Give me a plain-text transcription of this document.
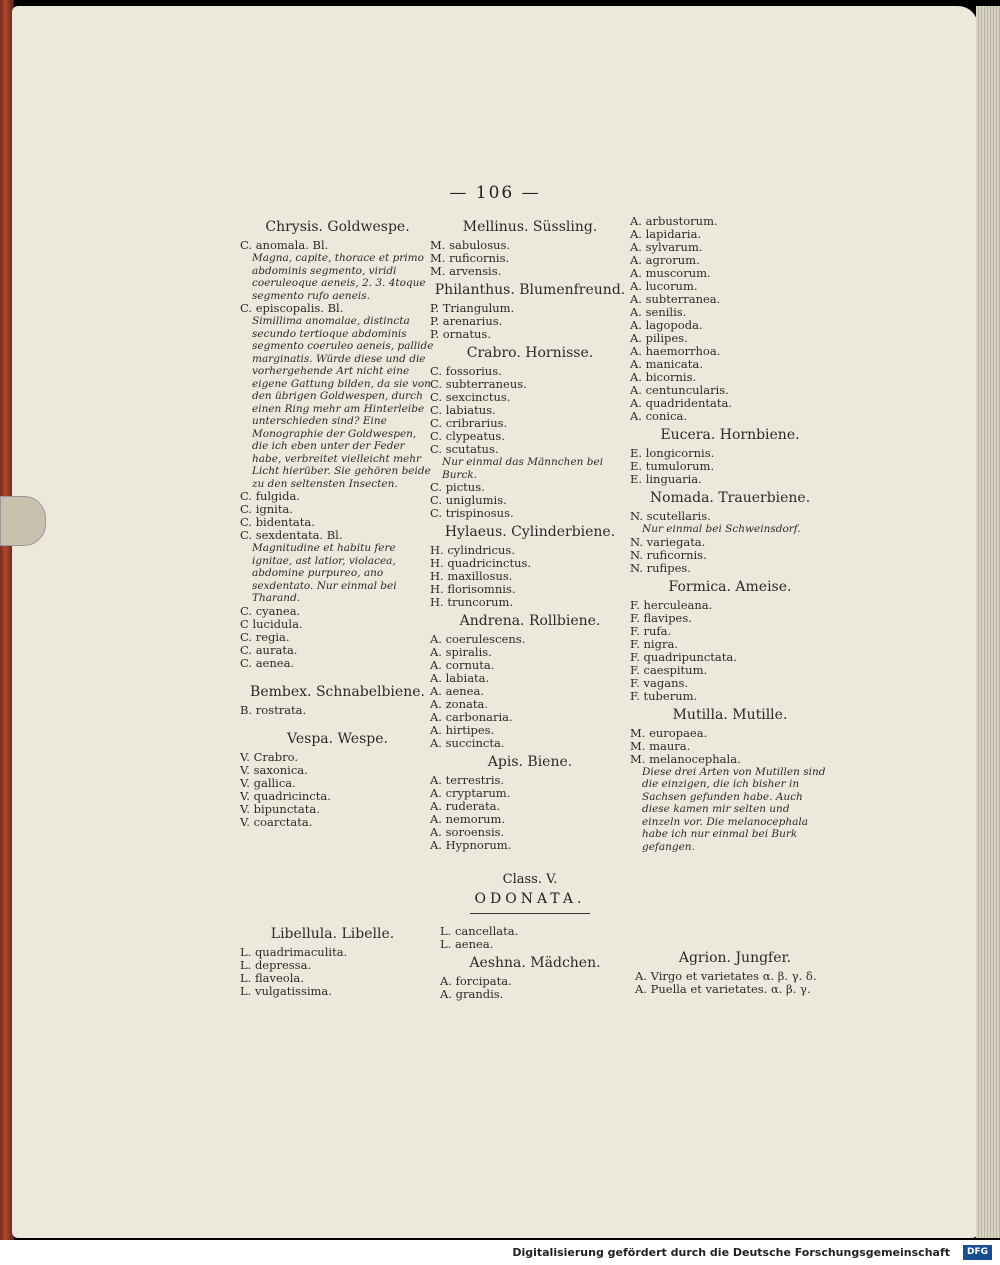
— 106 —
Chrysis. Goldwespe.
C. anomala. Bl.
Magna, capite, thorace et primo abdominis segmento, viridi coeruleoque aeneis, 2. 3. 4toque segmento rufo aeneis.
C. episcopalis. Bl.
Simillima anomalae, distincta secundo tertioque abdominis segmento coeruleo aeneis, pallide marginatis. Würde diese und die vorhergehende Art nicht eine eigene Gattung bilden, da sie von den übrigen Goldwespen, durch einen Ring mehr am Hinterleibe unterschieden sind? Eine Monographie der Goldwespen, die ich eben unter der Feder habe, verbreitet vielleicht mehr Licht hierüber. Sie gehören beide zu den seltensten Insecten.
C. fulgida.
C. ignita.
C. bidentata.
C. sexdentata. Bl.
Magnitudine et habitu fere ignitae, ast latior, violacea, abdomine purpureo, ano sexdentato. Nur einmal bei Tharand.
C. cyanea.
C lucidula.
C. regia.
C. aurata.
C. aenea.
Bembex. Schnabelbiene.
B. rostrata.
Vespa. Wespe.
V. Crabro.
V. saxonica.
V. gallica.
V. quadricincta.
V. bipunctata.
V. coarctata.
Mellinus. Süssling.
M. sabulosus.
M. ruficornis.
M. arvensis.
Philanthus. Blumenfreund.
P. Triangulum.
P. arenarius.
P. ornatus.
Crabro. Hornisse.
C. fossorius.
C. subterraneus.
C. sexcinctus.
C. labiatus.
C. cribrarius.
C. clypeatus.
C. scutatus.
Nur einmal das Männchen bei Burck.
C. pictus.
C. uniglumis.
C. trispinosus.
Hylaeus. Cylinderbiene.
H. cylindricus.
H. quadricinctus.
H. maxillosus.
H. florisomnis.
H. truncorum.
Andrena. Rollbiene.
A. coerulescens.
A. spiralis.
A. cornuta.
A. labiata.
A. aenea.
A. zonata.
A. carbonaria.
A. hirtipes.
A. succincta.
Apis. Biene.
A. terrestris.
A. cryptarum.
A. ruderata.
A. nemorum.
A. soroensis.
A. Hypnorum.
A. arbustorum.
A. lapidaria.
A. sylvarum.
A. agrorum.
A. muscorum.
A. lucorum.
A. subterranea.
A. senilis.
A. lagopoda.
A. pilipes.
A. haemorrhoa.
A. manicata.
A. bicornis.
A. centuncularis.
A. quadridentata.
A. conica.
Eucera. Hornbiene.
E. longicornis.
E. tumulorum.
E. linguaria.
Nomada. Trauerbiene.
N. scutellaris.
Nur einmal bei Schweinsdorf.
N. variegata.
N. ruficornis.
N. rufipes.
Formica. Ameise.
F. herculeana.
F. flavipes.
F. rufa.
F. nigra.
F. quadripunctata.
F. caespitum.
F. vagans.
F. tuberum.
Mutilla. Mutille.
M. europaea.
M. maura.
M. melanocephala.
Diese drei Arten von Mutillen sind die einzigen, die ich bisher in Sachsen gefunden habe. Auch diese kamen mir selten und einzeln vor. Die melanocephala habe ich nur einmal bei Burk gefangen.
Class. V.
ODONATA.
Libellula. Libelle.
L. quadrimaculita.
L. depressa.
L. flaveola.
L. vulgatissima.
L. cancellata.
L. aenea.
Aeshna. Mädchen.
A. forcipata.
A. grandis.
Agrion. Jungfer.
A. Virgo et varietates α. β. γ. δ.
A. Puella et varietates. α. β. γ.
Digitalisierung gefördert durch die Deutsche Forschungsgemeinschaft	DFG
